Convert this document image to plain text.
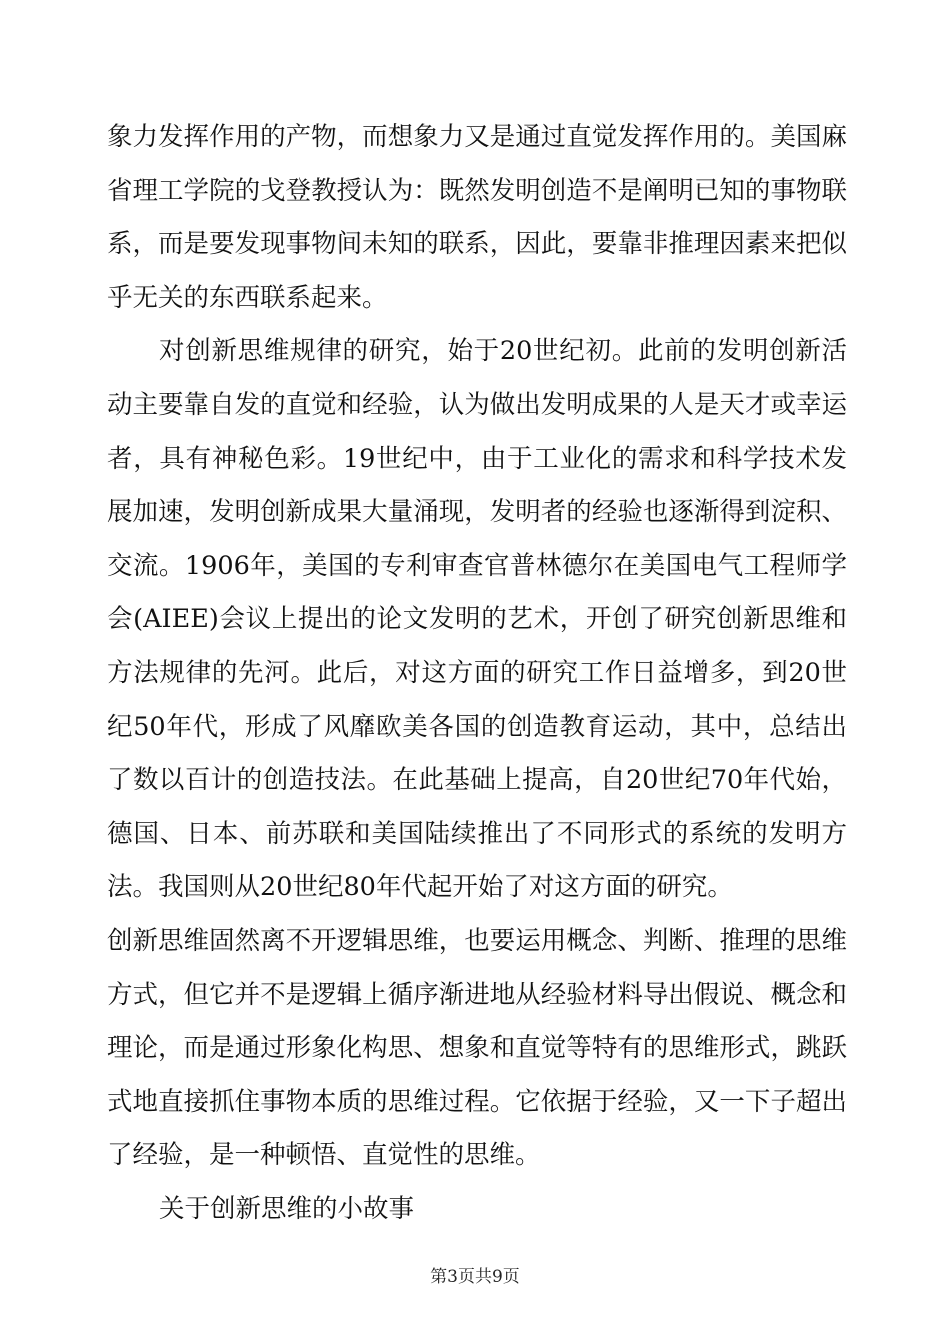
象力发挥作用的产物，而想象力又是通过直觉发挥作用的。美国麻省理工学院的戈登教授认为：既然发明创造不是阐明已知的事物联系，而是要发现事物间未知的联系，因此，要靠非推理因素来把似乎无关的东西联系起来。

对创新思维规律的研究，始于20世纪初。此前的发明创新活动主要靠自发的直觉和经验，认为做出发明成果的人是天才或幸运者，具有神秘色彩。19世纪中，由于工业化的需求和科学技术发展加速，发明创新成果大量涌现，发明者的经验也逐渐得到淀积、交流。1906年，美国的专利审查官普林德尔在美国电气工程师学会(AIEE)会议上提出的论文发明的艺术，开创了研究创新思维和方法规律的先河。此后，对这方面的研究工作日益增多，到20世纪50年代，形成了风靡欧美各国的创造教育运动，其中，总结出了数以百计的创造技法。在此基础上提高，自20世纪70年代始，德国、日本、前苏联和美国陆续推出了不同形式的系统的发明方法。我国则从20世纪80年代起开始了对这方面的研究。

创新思维固然离不开逻辑思维，也要运用概念、判断、推理的思维方式，但它并不是逻辑上循序渐进地从经验材料导出假说、概念和理论，而是通过形象化构思、想象和直觉等特有的思维形式，跳跃式地直接抓住事物本质的思维过程。它依据于经验，又一下子超出了经验，是一种顿悟、直觉性的思维。

关于创新思维的小故事

第3页共9页
